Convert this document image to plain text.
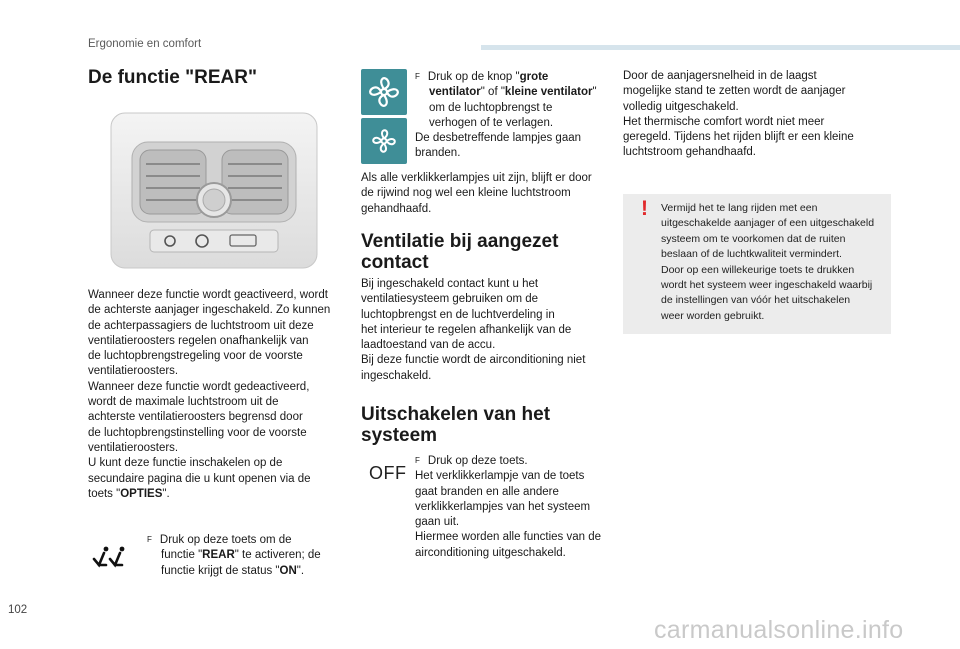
Ergonomie en comfort
De functie "REAR"
Wanneer deze functie wordt geactiveerd, wordt
de achterste aanjager ingeschakeld. Zo kunnen
de achterpassagiers de luchtstroom uit deze
ventilatieroosters regelen onafhankelijk van
de luchtopbrengstregeling voor de voorste
ventilatieroosters.
Wanneer deze functie wordt gedeactiveerd,
wordt de maximale luchtstroom uit de
achterste ventilatieroosters begrensd door
de luchtopbrengstinstelling voor de voorste
ventilatieroosters.
U kunt deze functie inschakelen op de
secundaire pagina die u kunt openen via de
toets "OPTIES".
F Druk op deze toets om de
functie "REAR" te activeren; de
functie krijgt de status "ON".
F Druk op de knop "grote
ventilator" of "kleine ventilator"
om de luchtopbrengst te
verhogen of te verlagen.
De desbetreffende lampjes gaan
branden.
Als alle verklikkerlampjes uit zijn, blijft er door
de rijwind nog wel een kleine luchtstroom
gehandhaafd.
Ventilatie bij aangezet
contact
Bij ingeschakeld contact kunt u het
ventilatiesysteem gebruiken om de
luchtopbrengst en de luchtverdeling in
het interieur te regelen afhankelijk van de
laadtoestand van de accu.
Bij deze functie wordt de airconditioning niet
ingeschakeld.
Uitschakelen van het
systeem
OFF
F Druk op deze toets.
Het verklikkerlampje van de toets
gaat branden en alle andere
verklikkerlampjes van het systeem
gaan uit.
Hiermee worden alle functies van de
airconditioning uitgeschakeld.
Door de aanjagersnelheid in de laagst
mogelijke stand te zetten wordt de aanjager
volledig uitgeschakeld.
Het thermische comfort wordt niet meer
geregeld. Tijdens het rijden blijft er een kleine
luchtstroom gehandhaafd.
! Vermijd het te lang rijden met een
uitgeschakelde aanjager of een uitgeschakeld
systeem om te voorkomen dat de ruiten
beslaan of de luchtkwaliteit vermindert.
Door op een willekeurige toets te drukken
wordt het systeem weer ingeschakeld waarbij
de instellingen van vóór het uitschakelen
weer worden gebruikt.
102
carmanualsonline.info
